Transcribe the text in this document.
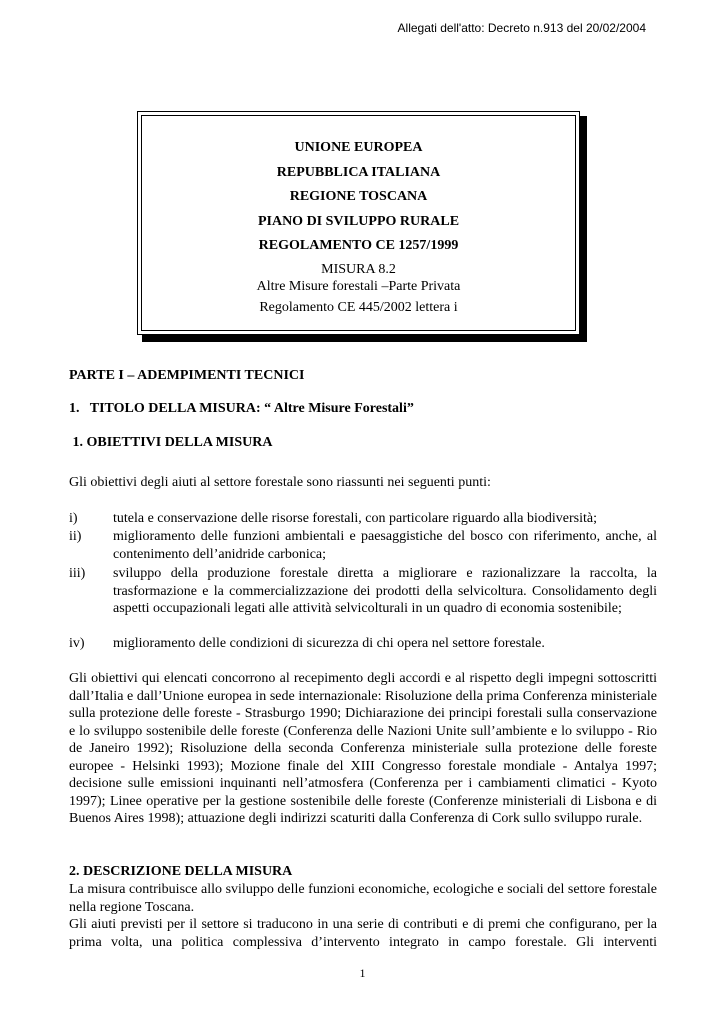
Allegati dell'atto: Decreto n.913 del 20/02/2004
UNIONE EUROPEA
REPUBBLICA ITALIANA
REGIONE TOSCANA
PIANO DI SVILUPPO RURALE
REGOLAMENTO CE 1257/1999
MISURA 8.2
Altre Misure forestali –Parte Privata
Regolamento CE 445/2002 lettera i
PARTE I – ADEMPIMENTI TECNICI
1.   TITOLO DELLA MISURA: “ Altre Misure Forestali”
1. OBIETTIVI DELLA MISURA
Gli obiettivi degli aiuti al settore forestale sono riassunti nei seguenti punti:
i)	tutela e conservazione delle risorse forestali, con particolare riguardo alla biodiversità;
ii)	miglioramento delle funzioni ambientali e paesaggistiche del bosco con riferimento, anche, al contenimento dell’anidride carbonica;
iii)	sviluppo della produzione forestale diretta a migliorare e razionalizzare la raccolta, la trasformazione e la commercializzazione dei prodotti della selvicoltura. Consolidamento degli aspetti occupazionali legati alle attività selvicolturali in un quadro di economia sostenibile;
iv)	miglioramento delle condizioni di sicurezza di chi opera nel settore forestale.
Gli obiettivi qui elencati concorrono al recepimento degli accordi e al rispetto degli impegni sottoscritti dall’Italia e dall’Unione europea in sede internazionale: Risoluzione della prima Conferenza ministeriale sulla protezione delle foreste - Strasburgo 1990; Dichiarazione dei principi forestali sulla conservazione e lo sviluppo sostenibile delle foreste (Conferenza delle Nazioni Unite sull’ambiente e lo sviluppo - Rio de Janeiro 1992); Risoluzione della seconda Conferenza ministeriale sulla protezione delle foreste europee - Helsinki 1993); Mozione finale del XIII Congresso forestale mondiale - Antalya 1997; decisione sulle emissioni inquinanti nell’atmosfera (Conferenza per i cambiamenti climatici - Kyoto 1997); Linee operative per la gestione sostenibile delle foreste (Conferenze ministeriali di Lisbona e di Buenos Aires 1998); attuazione degli indirizzi scaturiti dalla Conferenza di Cork sullo sviluppo rurale.
2. DESCRIZIONE DELLA MISURA
La misura contribuisce allo sviluppo delle funzioni economiche, ecologiche e sociali del settore forestale nella regione Toscana.
Gli aiuti previsti per il settore si traducono in una serie di contributi e di premi che configurano, per la prima volta, una politica complessiva d’intervento integrato in campo forestale. Gli interventi
1
